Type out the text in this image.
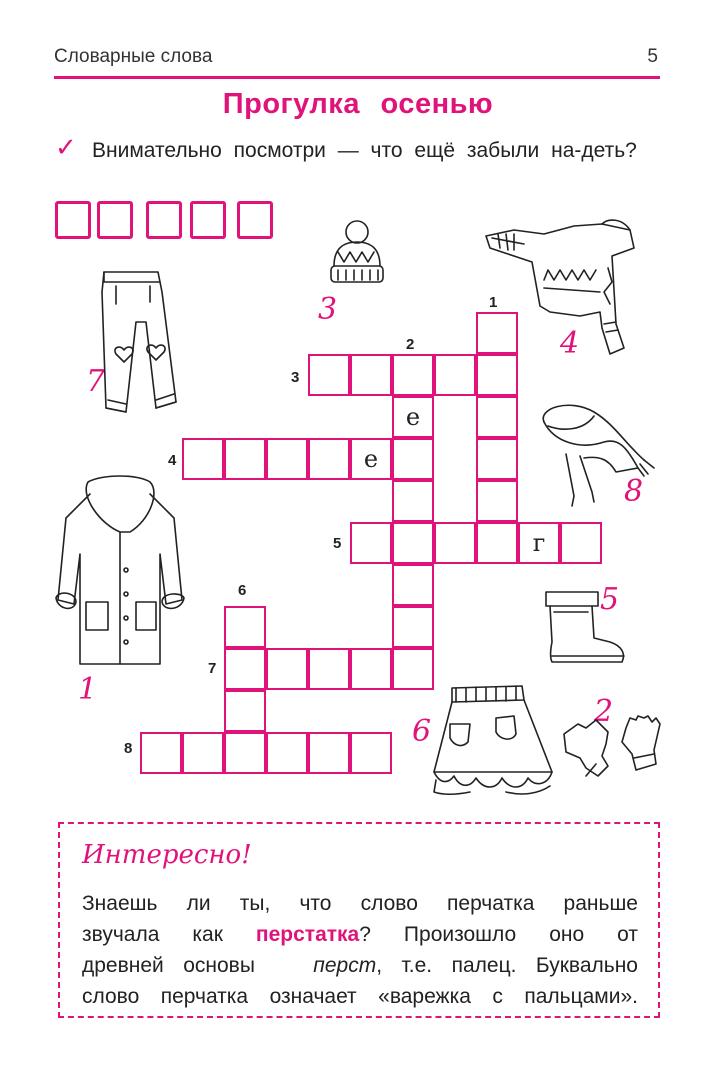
Словарные слова	5
Прогулка осенью
✓ Внимательно посмотри — что ещё забыли на-деть?
е
е
г
1
2
3
4
5
6
7
8
1
2
3
4
5
6
7
8
Интересно!
Знаешь ли ты, что слово перчатка раньше
звучала как перстатка? Произошло оно от
древней основы	перст, т.е. палец. Буквально
слово перчатка означает «варежка с пальцами».
